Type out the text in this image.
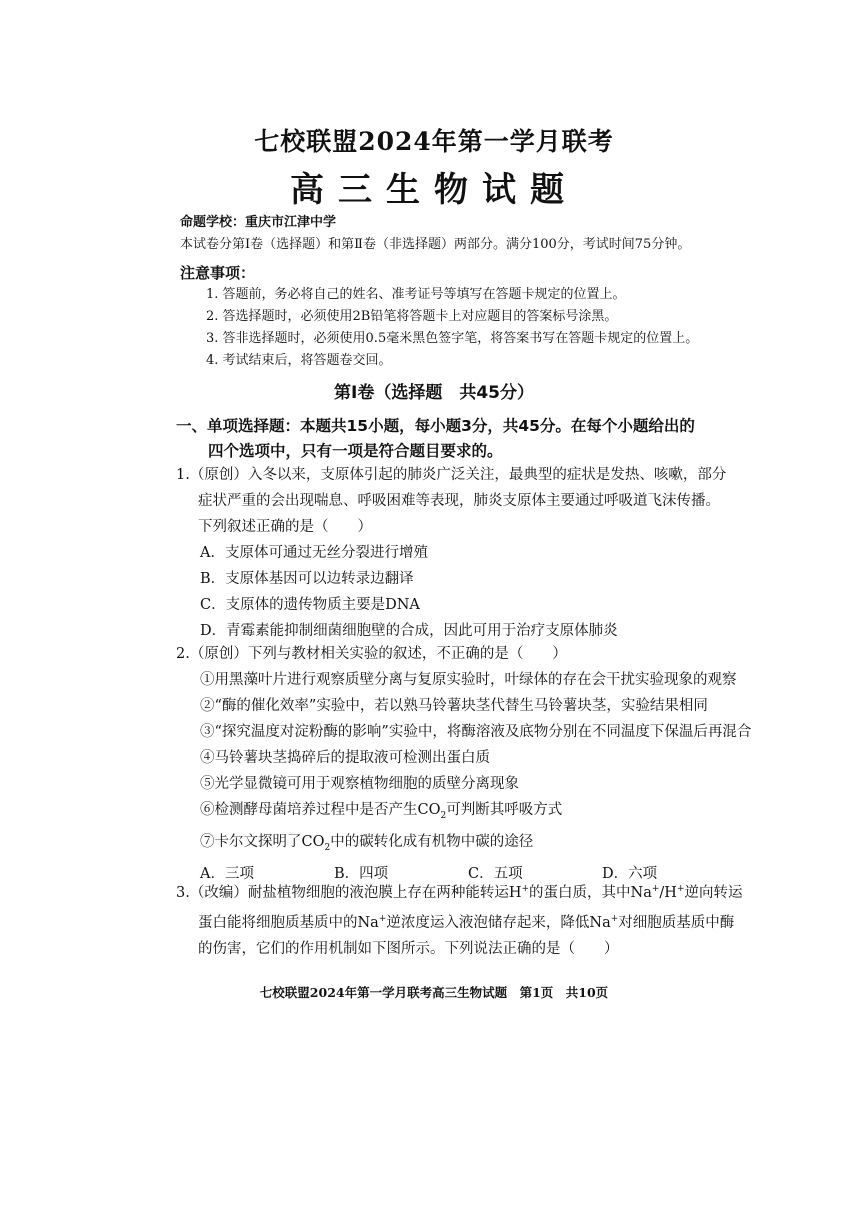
七校联盟2024年第一学月联考
高三生物试题
命题学校：重庆市江津中学
本试卷分第Ⅰ卷（选择题）和第Ⅱ卷（非选择题）两部分。满分100分，考试时间75分钟。
注意事项：
1. 答题前，务必将自己的姓名、准考证号等填写在答题卡规定的位置上。
2. 答选择题时，必须使用2B铅笔将答题卡上对应题目的答案标号涂黑。
3. 答非选择题时，必须使用0.5毫米黑色签字笔，将答案书写在答题卡规定的位置上。
4. 考试结束后，将答题卷交回。
第Ⅰ卷（选择题　共45分）
一、单项选择题：本题共15小题，每小题3分，共45分。在每个小题给出的
四个选项中，只有一项是符合题目要求的。
1.（原创）入冬以来，支原体引起的肺炎广泛关注，最典型的症状是发热、咳嗽，部分
症状严重的会出现喘息、呼吸困难等表现，肺炎支原体主要通过呼吸道飞沫传播。
下列叙述正确的是（　　）
A．支原体可通过无丝分裂进行增殖
B．支原体基因可以边转录边翻译
C．支原体的遗传物质主要是DNA
D．青霉素能抑制细菌细胞壁的合成，因此可用于治疗支原体肺炎
2.（原创）下列与教材相关实验的叙述，不正确的是（　　）
①用黑藻叶片进行观察质壁分离与复原实验时，叶绿体的存在会干扰实验现象的观察
②“酶的催化效率”实验中，若以熟马铃薯块茎代替生马铃薯块茎，实验结果相同
③“探究温度对淀粉酶的影响”实验中，将酶溶液及底物分别在不同温度下保温后再混合
④马铃薯块茎捣碎后的提取液可检测出蛋白质
⑤光学显微镜可用于观察植物细胞的质壁分离现象
⑥检测酵母菌培养过程中是否产生$CO_2$可判断其呼吸方式
⑦卡尔文探明了$CO_2$中的碳转化成有机物中碳的途径
A．三项	B．四项	C．五项	D．六项
3.（改编）耐盐植物细胞的液泡膜上存在两种能转运H+的蛋白质，其中Na+/H+逆向转运
蛋白能将细胞质基质中的Na+逆浓度运入液泡储存起来，降低Na+对细胞质基质中酶
的伤害，它们的作用机制如下图所示。下列说法正确的是（　　）
七校联盟2024年第一学月联考高三生物试题　第1页　共10页
